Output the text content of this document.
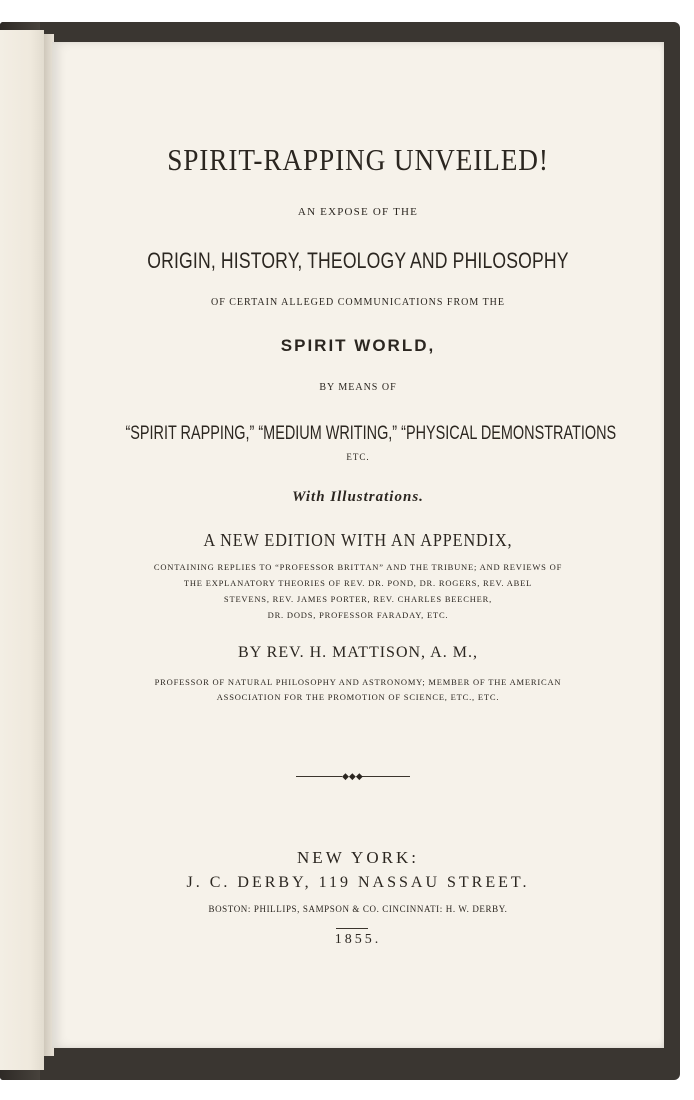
SPIRIT-RAPPING UNVEILED!
AN EXPOSE OF THE
ORIGIN, HISTORY, THEOLOGY AND PHILOSOPHY
OF CERTAIN ALLEGED COMMUNICATIONS FROM THE
SPIRIT WORLD,
BY MEANS OF
“SPIRIT RAPPING,” “MEDIUM WRITING,” “PHYSICAL DEMONSTRATIONS
ETC.
With Illustrations.
A NEW EDITION WITH AN APPENDIX,
CONTAINING REPLIES TO “PROFESSOR BRITTAN” AND THE TRIBUNE; AND REVIEWS OF
THE EXPLANATORY THEORIES OF REV. DR. POND, DR. ROGERS, REV. ABEL
STEVENS, REV. JAMES PORTER, REV. CHARLES BEECHER,
DR. DODS, PROFESSOR FARADAY, ETC.
BY REV. H. MATTISON, A. M.,
PROFESSOR OF NATURAL PHILOSOPHY AND ASTRONOMY; MEMBER OF THE AMERICAN
ASSOCIATION FOR THE PROMOTION OF SCIENCE, ETC., ETC.
◆◆◆
NEW YORK:
J. C. DERBY, 119 NASSAU STREET.
BOSTON: PHILLIPS, SAMPSON & CO. CINCINNATI: H. W. DERBY.
1855.
